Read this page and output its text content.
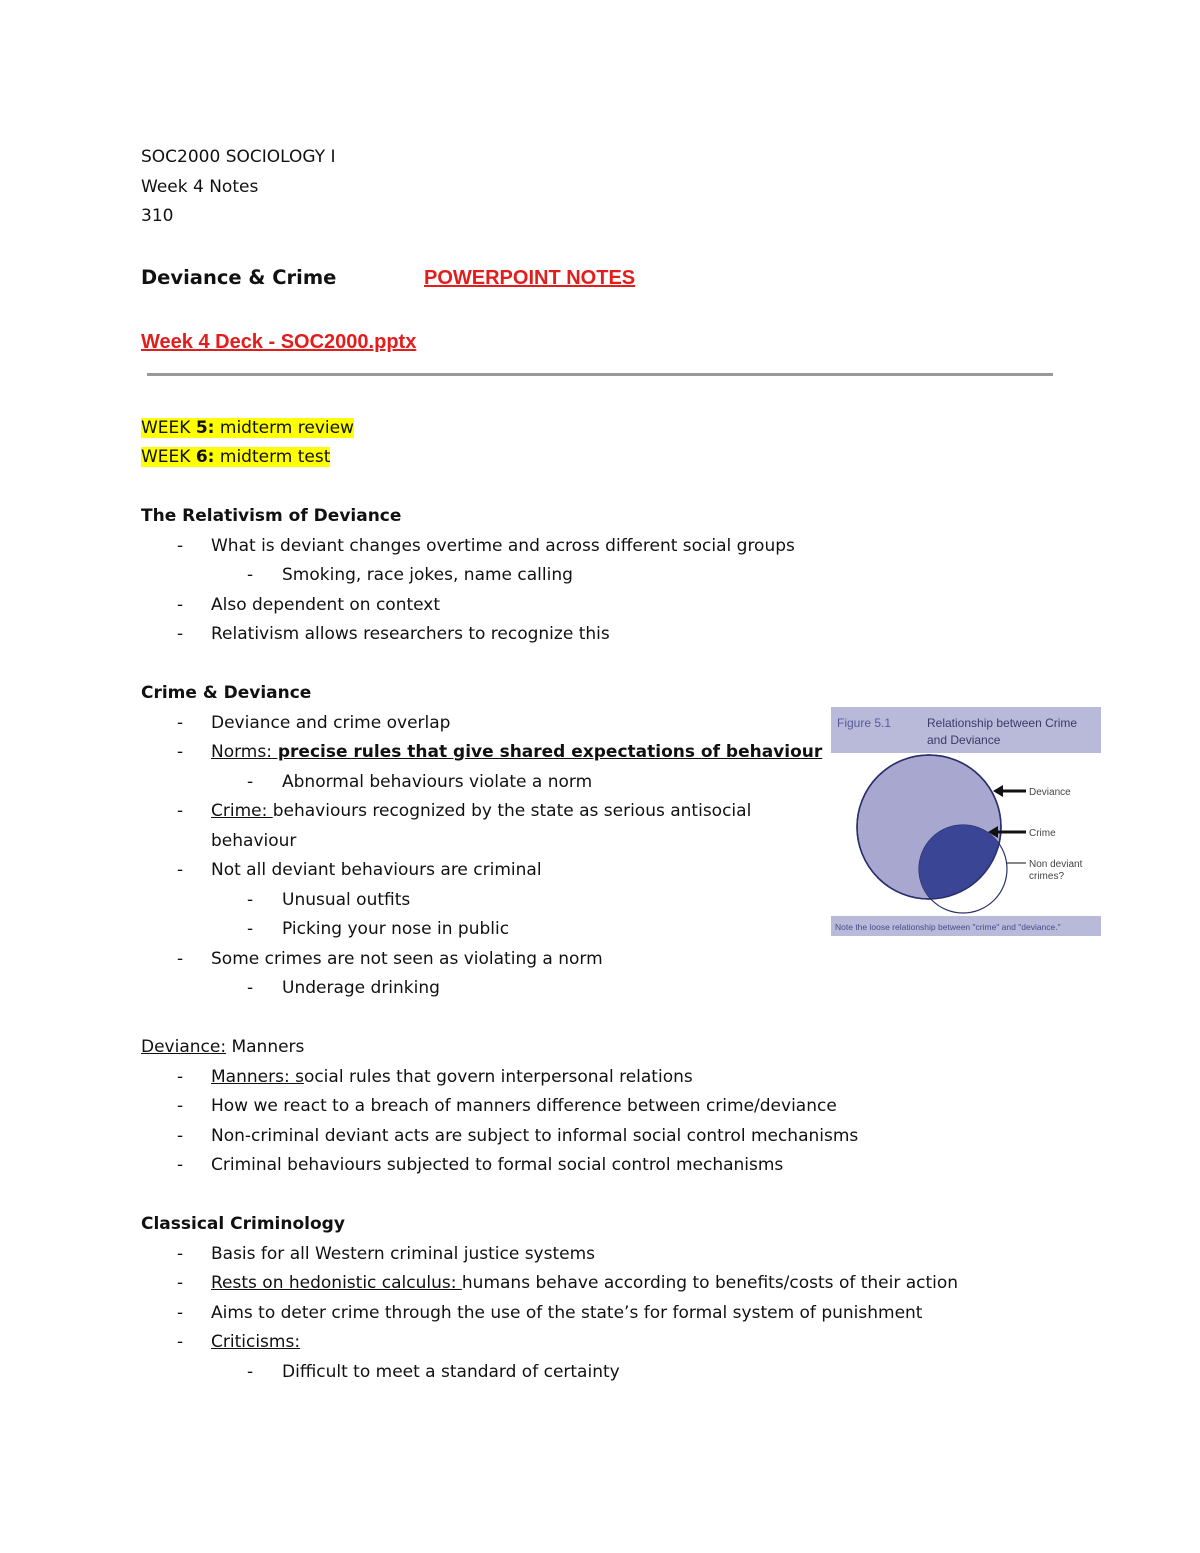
SOC2000 SOCIOLOGY I
Week 4 Notes
310
Deviance & Crime	POWERPOINT NOTES
Week 4 Deck - SOC2000.pptx
WEEK 5: midterm review
WEEK 6: midterm test
The Relativism of Deviance
- What is deviant changes overtime and across different social groups
- Smoking, race jokes, name calling
- Also dependent on context
- Relativism allows researchers to recognize this
Crime & Deviance
- Deviance and crime overlap
- Norms: precise rules that give shared expectations of behaviour
- Abnormal behaviours violate a norm
- Crime: behaviours recognized by the state as serious antisocial
behaviour
- Not all deviant behaviours are criminal
- Unusual outfits
- Picking your nose in public
- Some crimes are not seen as violating a norm
- Underage drinking
Deviance: Manners
- Manners: social rules that govern interpersonal relations
- How we react to a breach of manners difference between crime/deviance
- Non-criminal deviant acts are subject to informal social control mechanisms
- Criminal behaviours subjected to formal social control mechanisms
Classical Criminology
- Basis for all Western criminal justice systems
- Rests on hedonistic calculus: humans behave according to benefits/costs of their action
- Aims to deter crime through the use of the state’s for formal system of punishment
- Criticisms:
- Difficult to meet a standard of certainty
Figure 5.1	Relationship between Crime
and Deviance
Deviance
Crime
Non deviant
crimes?
Note the loose relationship between "crime" and "deviance."
